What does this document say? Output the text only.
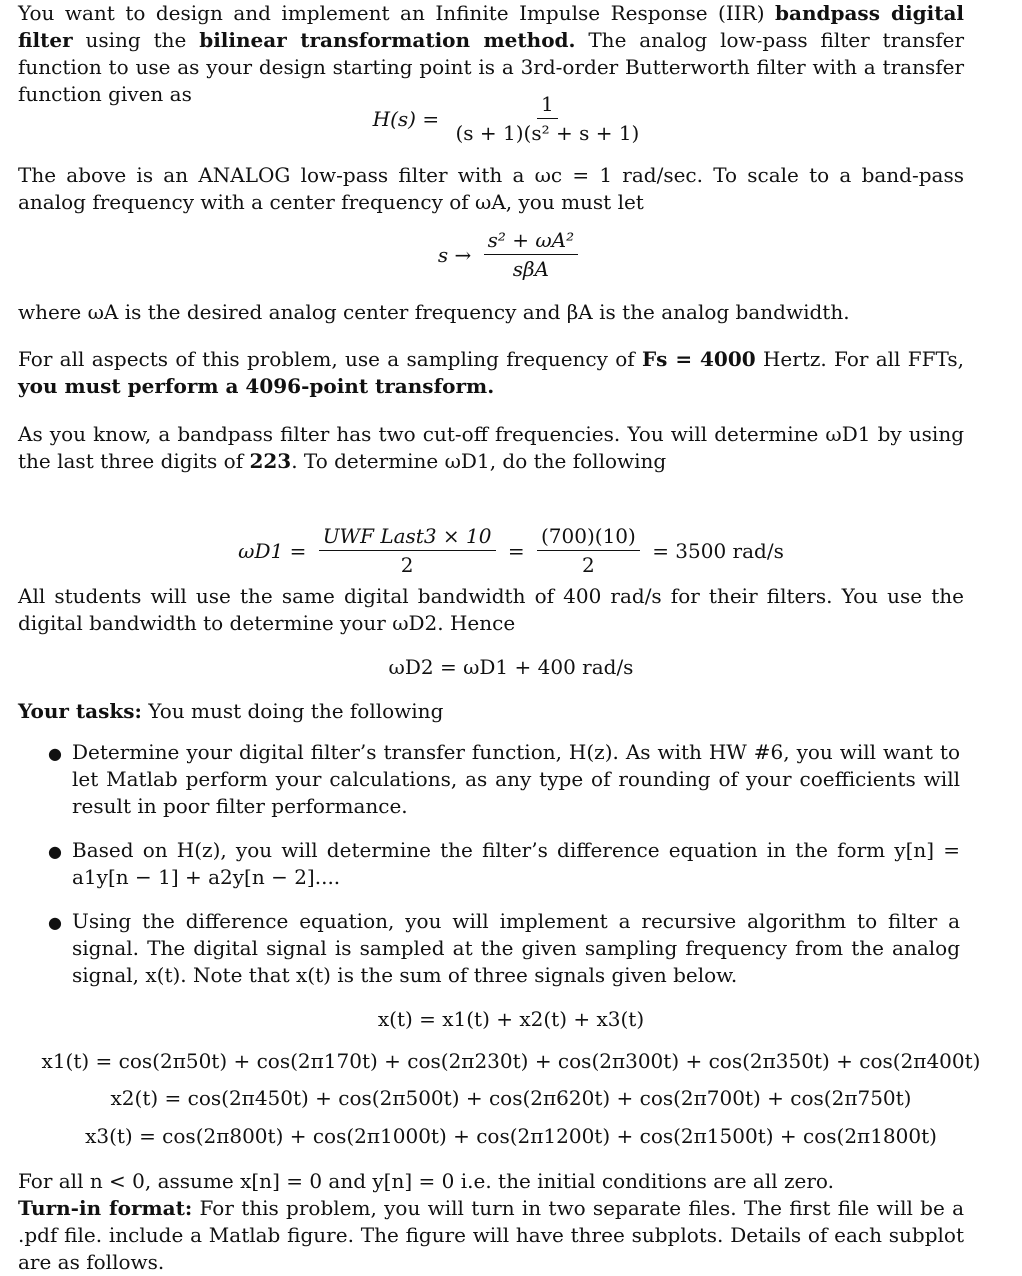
You want to design and implement an Infinite Impulse Response (IIR) bandpass digital filter using the bilinear transformation method. The analog low-pass filter transfer function to use as your design starting point is a 3rd-order Butterworth filter with a transfer function given as
$H(s) = \frac{1}{\text{(s + 1)(s² + s + 1)}}$
The above is an ANALOG low-pass filter with a ωc = 1 rad/sec. To scale to a band-pass analog frequency with a center frequency of ωA, you must let
$s \to \frac{\text{s² + ωA²}}{\text{sβA}}$
where ωA is the desired analog center frequency and βA is the analog bandwidth.
For all aspects of this problem, use a sampling frequency of Fs = 4000 Hertz. For all FFTs, you must perform a 4096-point transform.
As you know, a bandpass filter has two cut-off frequencies. You will determine ωD1 by using the last three digits of 223. To determine ωD1, do the following
$\omega D1 = \frac{\text{UWF Last3 × 10}}{2} = \frac{(700)(10)}{2} = 3500$ rad/s
All students will use the same digital bandwidth of 400 rad/s for their filters. You use the digital bandwidth to determine your ωD2. Hence
ωD2 = ωD1 + 400 rad/s
Your tasks: You must doing the following
● Determine your digital filter’s transfer function, H(z). As with HW #6, you will want to let Matlab perform your calculations, as any type of rounding of your coefficients will result in poor filter performance.
● Based on H(z), you will determine the filter’s difference equation in the form y[n] = a1y[n − 1] + a2y[n − 2]....
● Using the difference equation, you will implement a recursive algorithm to filter a signal. The digital signal is sampled at the given sampling frequency from the analog signal, x(t). Note that x(t) is the sum of three signals given below.
x(t) = x1(t) + x2(t) + x3(t)
x1(t) = cos(2π50t) + cos(2π170t) + cos(2π230t) + cos(2π300t) + cos(2π350t) + cos(2π400t)
x2(t) = cos(2π450t) + cos(2π500t) + cos(2π620t) + cos(2π700t) + cos(2π750t)
x3(t) = cos(2π800t) + cos(2π1000t) + cos(2π1200t) + cos(2π1500t) + cos(2π1800t)
For all n < 0, assume x[n] = 0 and y[n] = 0 i.e. the initial conditions are all zero.
Turn-in format: For this problem, you will turn in two separate files. The first file will be a .pdf file. include a Matlab figure. The figure will have three subplots. Details of each subplot are as follows.
